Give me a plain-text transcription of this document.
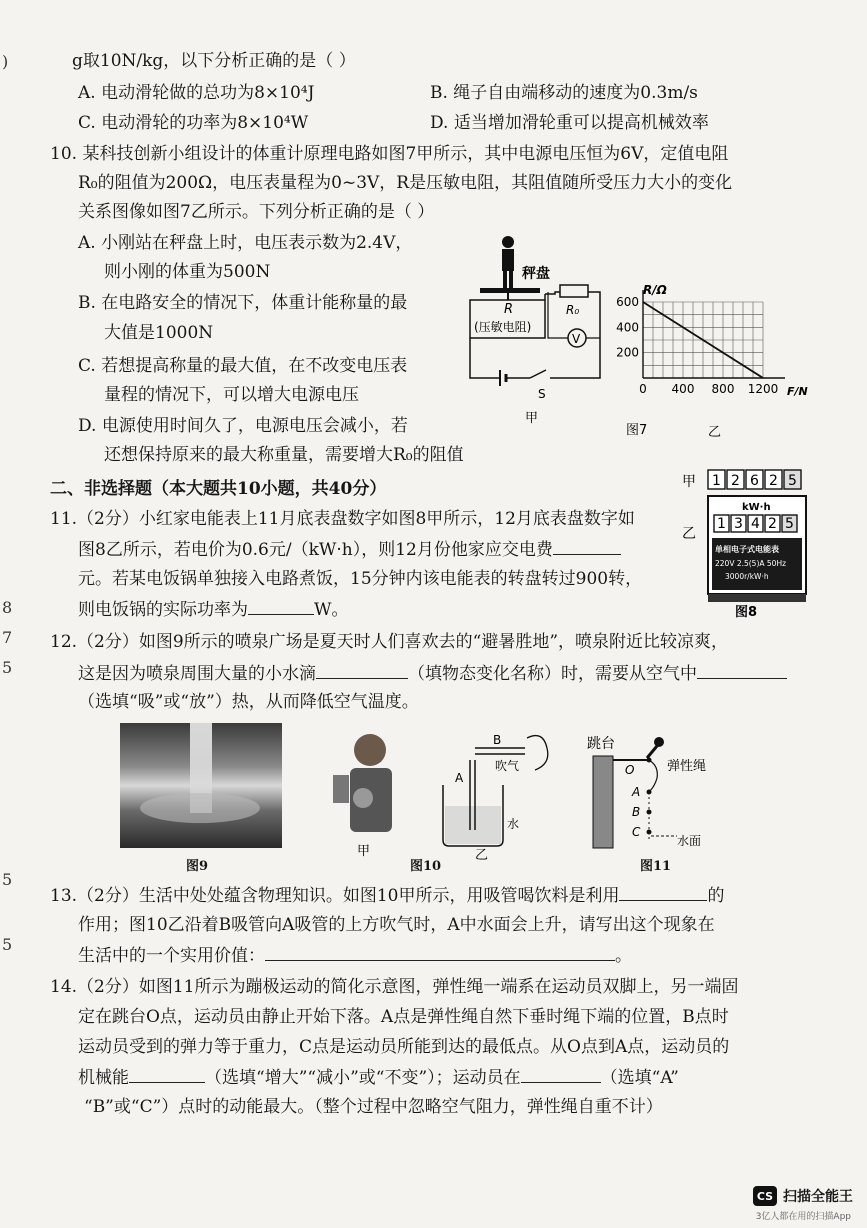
)
8
7
5
5
5
g取10N/kg，以下分析正确的是（ ）
A. 电动滑轮做的总功为8×10⁴J	B. 绳子自由端移动的速度为0.3m/s
C. 电动滑轮的功率为8×10⁴W	D. 适当增加滑轮重可以提高机械效率
10. 某科技创新小组设计的体重计原理电路如图7甲所示，其中电源电压恒为6V，定值电阻
R₀的阻值为200Ω，电压表量程为0~3V，R是压敏电阻，其阻值随所受压力大小的变化
关系图像如图7乙所示。下列分析正确的是（ ）
A. 小刚站在秤盘上时，电压表示数为2.4V，
则小刚的体重为500N
B. 在电路安全的情况下，体重计能称量的最
大值是1000N
C. 若想提高称量的最大值，在不改变电压表
量程的情况下，可以增大电源电压
D. 电源使用时间久了，电源电压会减小，若
还想保持原来的最大称重量，需要增大R₀的阻值
秤盘
R
(压敏电阻)
R₀
V
S
甲
R/Ω
F/N
图7	乙
0 400 800 1200
200
400
600
二、非选择题（本大题共10小题，共40分）
11.（2分）小红家电能表上11月底表盘数字如图8甲所示，12月底表盘数字如
图8乙所示，若电价为0.6元/（kW·h），则12月份他家应交电费
元。若某电饭锅单独接入电路煮饭，15分钟内该电能表的转盘转过900转，
则电饭锅的实际功率为	W。
甲 1 2 6 2 5
乙
kW·h
1 3 4 2 5
单相电子式电能表
220V 2.5(5)A 50Hz
3000r/kW·h
图8
12.（2分）如图9所示的喷泉广场是夏天时人们喜欢去的“避暑胜地”，喷泉附近比较凉爽，
这是因为喷泉周围大量的小水滴	（填物态变化名称）时，需要从空气中
（选填“吸”或“放”）热，从而降低空气温度。
图9
甲
B
A
吹气
水
乙
图10
跳台
O	弹性绳
A
B
C
水面
图11
13.（2分）生活中处处蕴含物理知识。如图10甲所示，用吸管喝饮料是利用	的
作用；图10乙沿着B吸管向A吸管的上方吹气时，A中水面会上升，请写出这个现象在
生活中的一个实用价值：	。
14.（2分）如图11所示为蹦极运动的简化示意图，弹性绳一端系在运动员双脚上，另一端固
定在跳台O点，运动员由静止开始下落。A点是弹性绳自然下垂时绳下端的位置，B点时
运动员受到的弹力等于重力，C点是运动员所能到达的最低点。从O点到A点，运动员的
机械能	（选填“增大”“减小”或“不变”）；运动员在	（选填“A”
“B”或“C”）点时的动能最大。（整个过程中忽略空气阻力，弹性绳自重不计）
CS 扫描全能王
3亿人都在用的扫描App
